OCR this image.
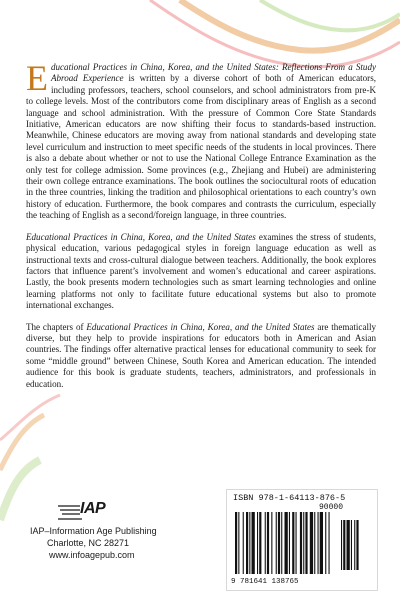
Educational Practices in China, Korea, and the United States: Reflections From a Study Abroad Experience is written by a diverse cohort of both of American educators, including professors, teachers, school counselors, and school administrators from pre-K to college levels. Most of the contributors come from disciplinary areas of English as a second language and school administration. With the pressure of Common Core State Standards Initiative, American educators are now shifting their focus to standards-based instruction. Meanwhile, Chinese educators are moving away from national standards and developing state level curriculum and instruction to meet specific needs of the students in local provinces. There is also a debate about whether or not to use the National College Entrance Examination as the only test for college admission. Some provinces (e.g., Zhejiang and Hubei) are administering their own college entrance examinations. The book outlines the sociocultural roots of education in the three countries, linking the tradition and philosophical orientations to each country’s own history of education. Furthermore, the book compares and contrasts the curriculum, especially the teaching of English as a second/foreign language, in three countries.

Educational Practices in China, Korea, and the United States examines the stress of students, physical education, various pedagogical styles in foreign language education as well as instructional texts and cross-cultural dialogue between teachers. Additionally, the book explores factors that influence parent’s involvement and women’s educational and career aspirations. Lastly, the book presents modern technologies such as smart learning technologies and online learning platforms not only to facilitate future educational systems but also to promote international exchanges.

The chapters of Educational Practices in China, Korea, and the United States are thematically diverse, but they help to provide inspirations for educators both in American and Asian countries. The findings offer alternative practical lenses for educational community to seek for some “middle ground” between Chinese, South Korea and American education. The intended audience for this book is graduate students, teachers, administrators, and professionals in education.

IAP
IAP–Information Age Publishing
Charlotte, NC 28271
www.infoagepub.com
ISBN 978-1-64113-876-5
90000
9 781641 138765
